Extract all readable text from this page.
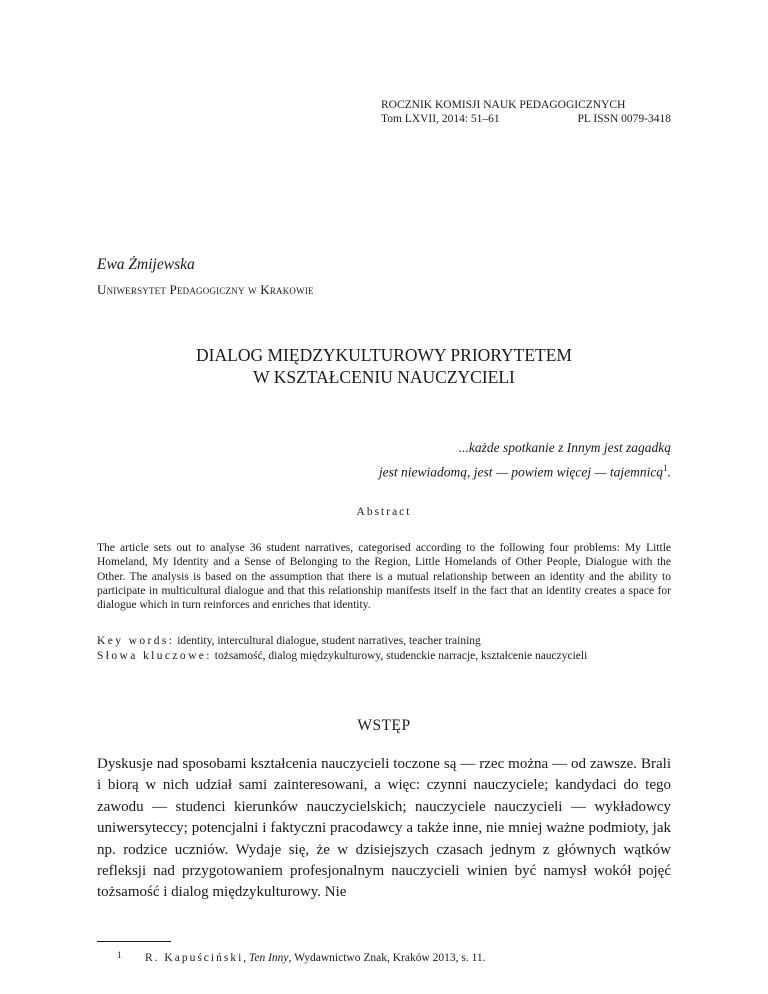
ROCZNIK KOMISJI NAUK PEDAGOGICZNYCH
Tom LXVII, 2014: 51–61	PL ISSN 0079-3418
Ewa Żmijewska
Uniwersytet Pedagogiczny w Krakowie
DIALOG MIĘDZYKULTUROWY PRIORYTETEM
W KSZTAŁCENIU NAUCZYCIELI
...każde spotkanie z Innym jest zagadką
jest niewiadomą, jest — powiem więcej — tajemnicą$^1$.
Abstract
The article sets out to analyse 36 student narratives, categorised according to the following four problems: My Little Homeland, My Identity and a Sense of Belonging to the Region, Little Homelands of Other People, Dialogue with the Other. The analysis is based on the assumption that there is a mutual relationship between an identity and the ability to participate in multicultural dialogue and that this relationship manifests itself in the fact that an identity creates a space for dialogue which in turn reinforces and enriches that identity.
Key words: identity, intercultural dialogue, student narratives, teacher training
Słowa kluczowe: tożsamość, dialog międzykulturowy, studenckie narracje, kształcenie nauczycieli
WSTĘP
Dyskusje nad sposobami kształcenia nauczycieli toczone są — rzec można — od zawsze. Brali i biorą w nich udział sami zainteresowani, a więc: czynni nauczyciele; kandydaci do tego zawodu — studenci kierunków nauczycielskich; nauczyciele nauczycieli — wykładowcy uniwersyteccy; potencjalni i faktyczni pracodawcy a także inne, nie mniej ważne podmioty, jak np. rodzice uczniów. Wydaje się, że w dzisiejszych czasach jednym z głównych wątków refleksji nad przygotowaniem profesjonalnym nauczycieli winien być namysł wokół pojęć tożsamość i dialog międzykulturowy. Nie
1 R. Kapuściński, Ten Inny, Wydawnictwo Znak, Kraków 2013, s. 11.
